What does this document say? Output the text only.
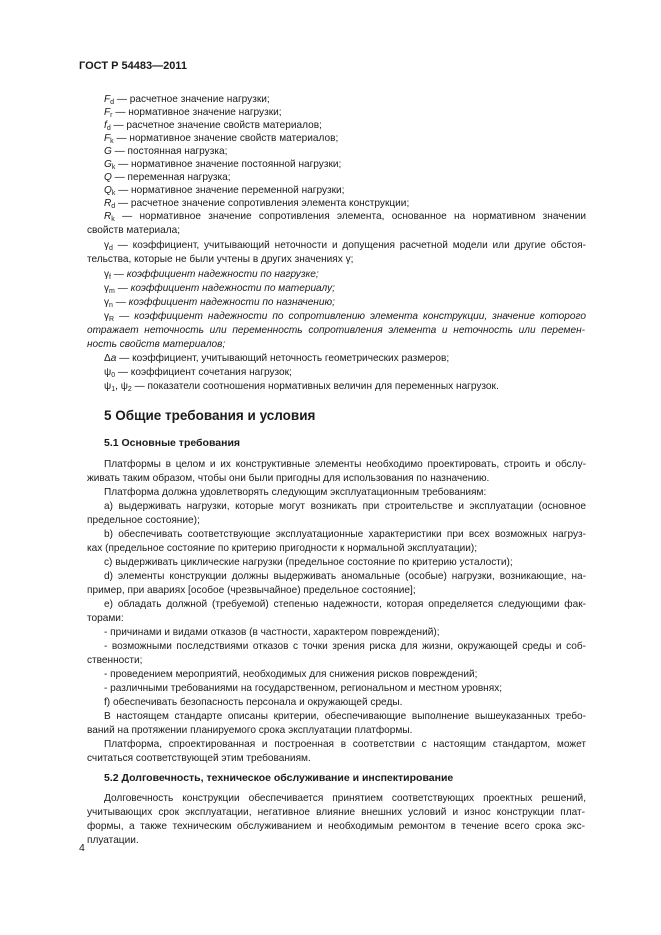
ГОСТ Р 54483—2011
$F_d$ — расчетное значение нагрузки;
$F_r$ — нормативное значение нагрузки;
$f_d$ — расчетное значение свойств материалов;
$F_k$ — нормативное значение свойств материалов;
G — постоянная нагрузка;
$G_k$ — нормативное значение постоянной нагрузки;
Q — переменная нагрузка;
$Q_k$ — нормативное значение переменной нагрузки;
$R_d$ — расчетное значение сопротивления элемента конструкции;
$R_k$ — нормативное значение сопротивления элемента, основанное на нормативном значении
свойств материала;
$\gamma_d$ — коэффициент, учитывающий неточности и допущения расчетной модели или другие обстоя-
тельства, которые не были учтены в других значениях γ;
$\gamma_f$ — коэффициент надежности по нагрузке;
$\gamma_m$ — коэффициент надежности по материалу;
$\gamma_n$ — коэффициент надежности по назначению;
$\gamma_R$ — коэффициент надежности по сопротивлению элемента конструкции, значение которого
отражает неточность или переменность сопротивления элемента и неточность или перемен-
ность свойств материалов;
Δa — коэффициент, учитывающий неточность геометрических размеров;
$\psi_0$ — коэффициент сочетания нагрузок;
$\psi_1$, $\psi_2$ — показатели соотношения нормативных величин для переменных нагрузок.
5 Общие требования и условия
5.1 Основные требования
Платформы в целом и их конструктивные элементы необходимо проектировать, строить и обслу-
живать таким образом, чтобы они были пригодны для использования по назначению.
Платформа должна удовлетворять следующим эксплуатационным требованиям:
а) выдерживать нагрузки, которые могут возникать при строительстве и эксплуатации (основное
предельное состояние);
b) обеспечивать соответствующие эксплуатационные характеристики при всех возможных нагруз-
ках (предельное состояние по критерию пригодности к нормальной эксплуатации);
с) выдерживать циклические нагрузки (предельное состояние по критерию усталости);
d) элементы конструкции должны выдерживать аномальные (особые) нагрузки, возникающие, на-
пример, при авариях [особое (чрезвычайное) предельное состояние];
е) обладать должной (требуемой) степенью надежности, которая определяется следующими фак-
торами:
- причинами и видами отказов (в частности, характером повреждений);
- возможными последствиями отказов с точки зрения риска для жизни, окружающей среды и соб-
ственности;
- проведением мероприятий, необходимых для снижения рисков повреждений;
- различными требованиями на государственном, региональном и местном уровнях;
f) обеспечивать безопасность персонала и окружающей среды.
В настоящем стандарте описаны критерии, обеспечивающие выполнение вышеуказанных требо-
ваний на протяжении планируемого срока эксплуатации платформы.
Платформа, спроектированная и построенная в соответствии с настоящим стандартом, может
считаться соответствующей этим требованиям.
5.2 Долговечность, техническое обслуживание и инспектирование
Долговечность конструкции обеспечивается принятием соответствующих проектных решений,
учитывающих срок эксплуатации, негативное влияние внешних условий и износ конструкции плат-
формы, а также техническим обслуживанием и необходимым ремонтом в течение всего срока экс-
плуатации.
4
